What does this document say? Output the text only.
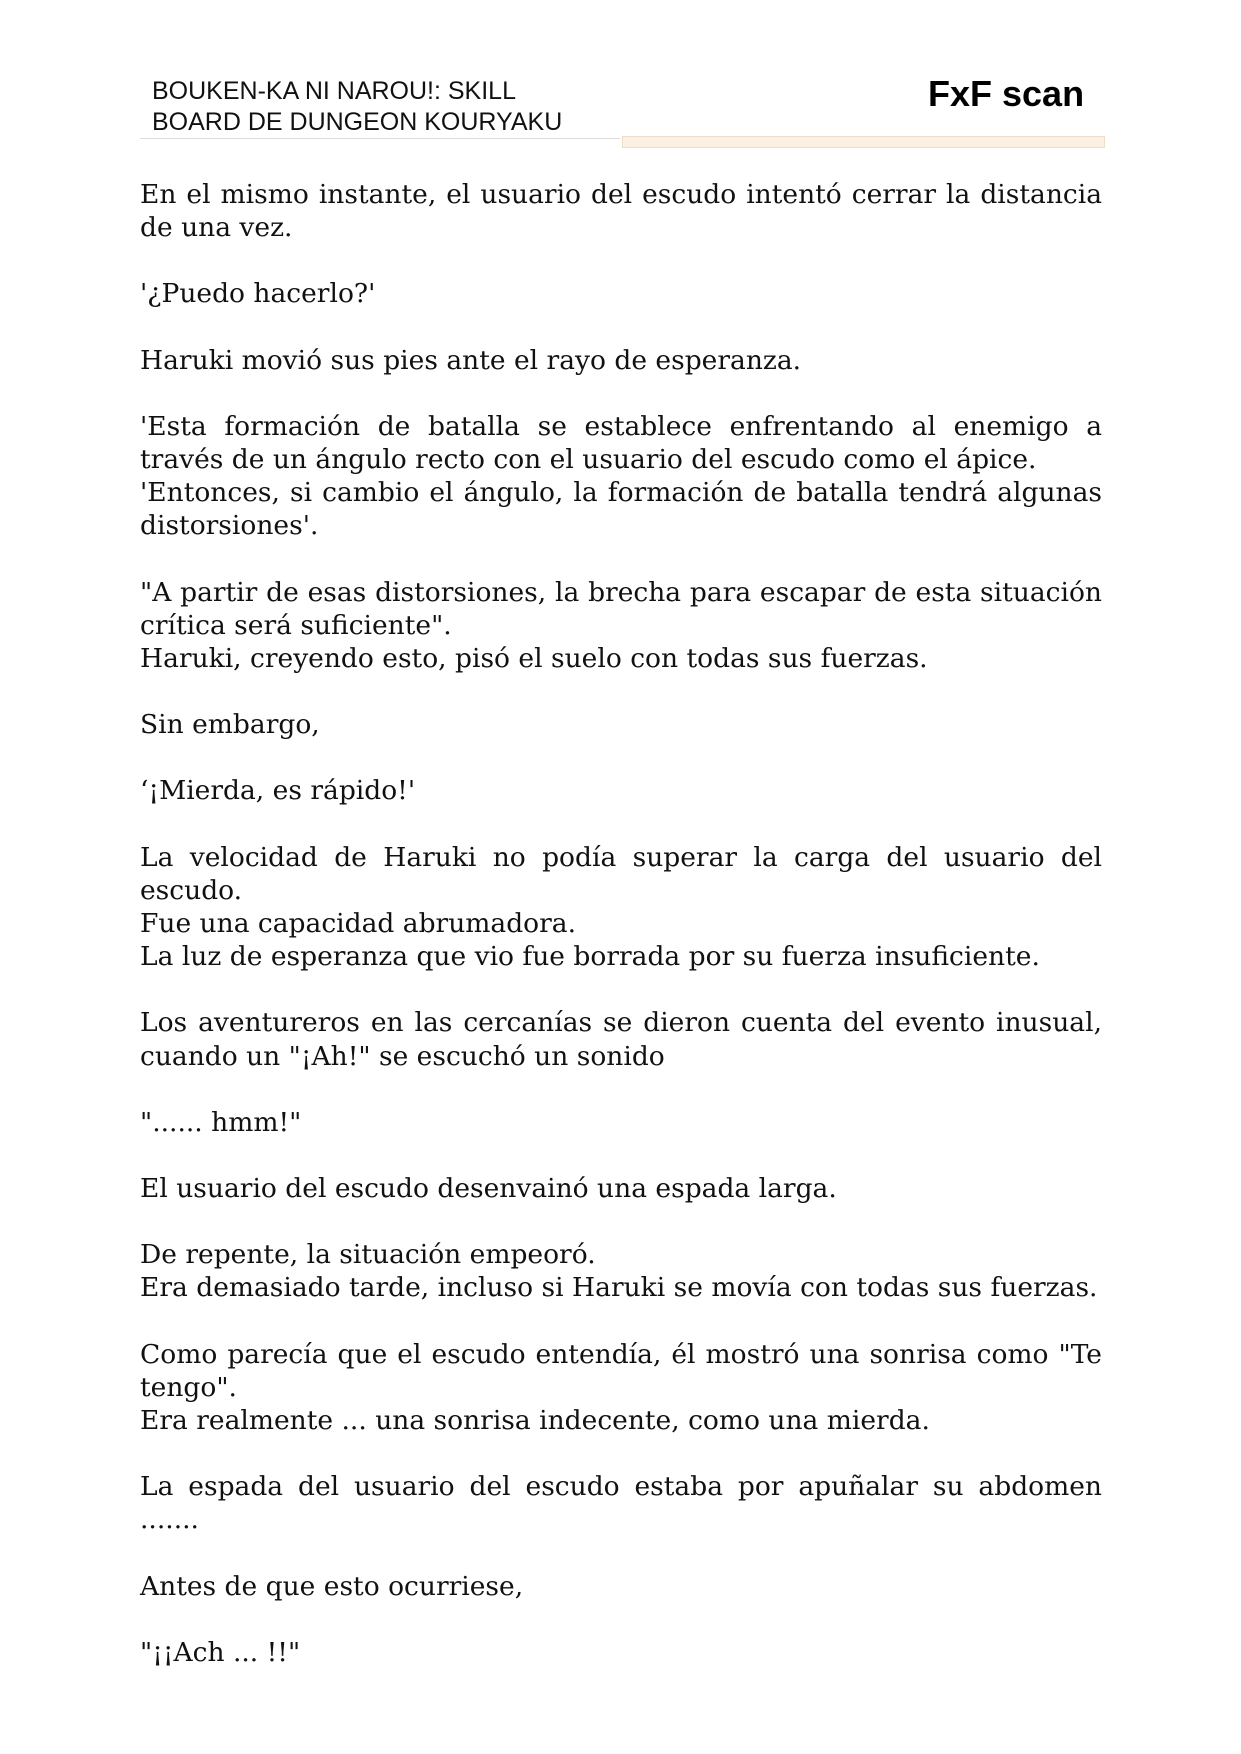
BOUKEN-KA NI NAROU!: SKILL
BOARD DE DUNGEON KOURYAKU
FxF scan

En el mismo instante, el usuario del escudo intentó cerrar la distancia de una vez.

'¿Puedo hacerlo?'

Haruki movió sus pies ante el rayo de esperanza.

'Esta formación de batalla se establece enfrentando al enemigo a través de un ángulo recto con el usuario del escudo como el ápice.
'Entonces, si cambio el ángulo, la formación de batalla tendrá algunas distorsiones'.

"A partir de esas distorsiones, la brecha para escapar de esta situación crítica será suficiente".
Haruki, creyendo esto, pisó el suelo con todas sus fuerzas.

Sin embargo,

‘¡Mierda, es rápido!'

La velocidad de Haruki no podía superar la carga del usuario del escudo.
Fue una capacidad abrumadora.
La luz de esperanza que vio fue borrada por su fuerza insuficiente.

Los aventureros en las cercanías se dieron cuenta del evento inusual, cuando un "¡Ah!" se escuchó un sonido

"...... hmm!"

El usuario del escudo desenvainó una espada larga.

De repente, la situación empeoró.
Era demasiado tarde, incluso si Haruki se movía con todas sus fuerzas.

Como parecía que el escudo entendía, él mostró una sonrisa como "Te tengo".
Era realmente ... una sonrisa indecente, como una mierda.

La espada del usuario del escudo estaba por apuñalar su abdomen .......

Antes de que esto ocurriese,

"¡¡Ach ... !!"
